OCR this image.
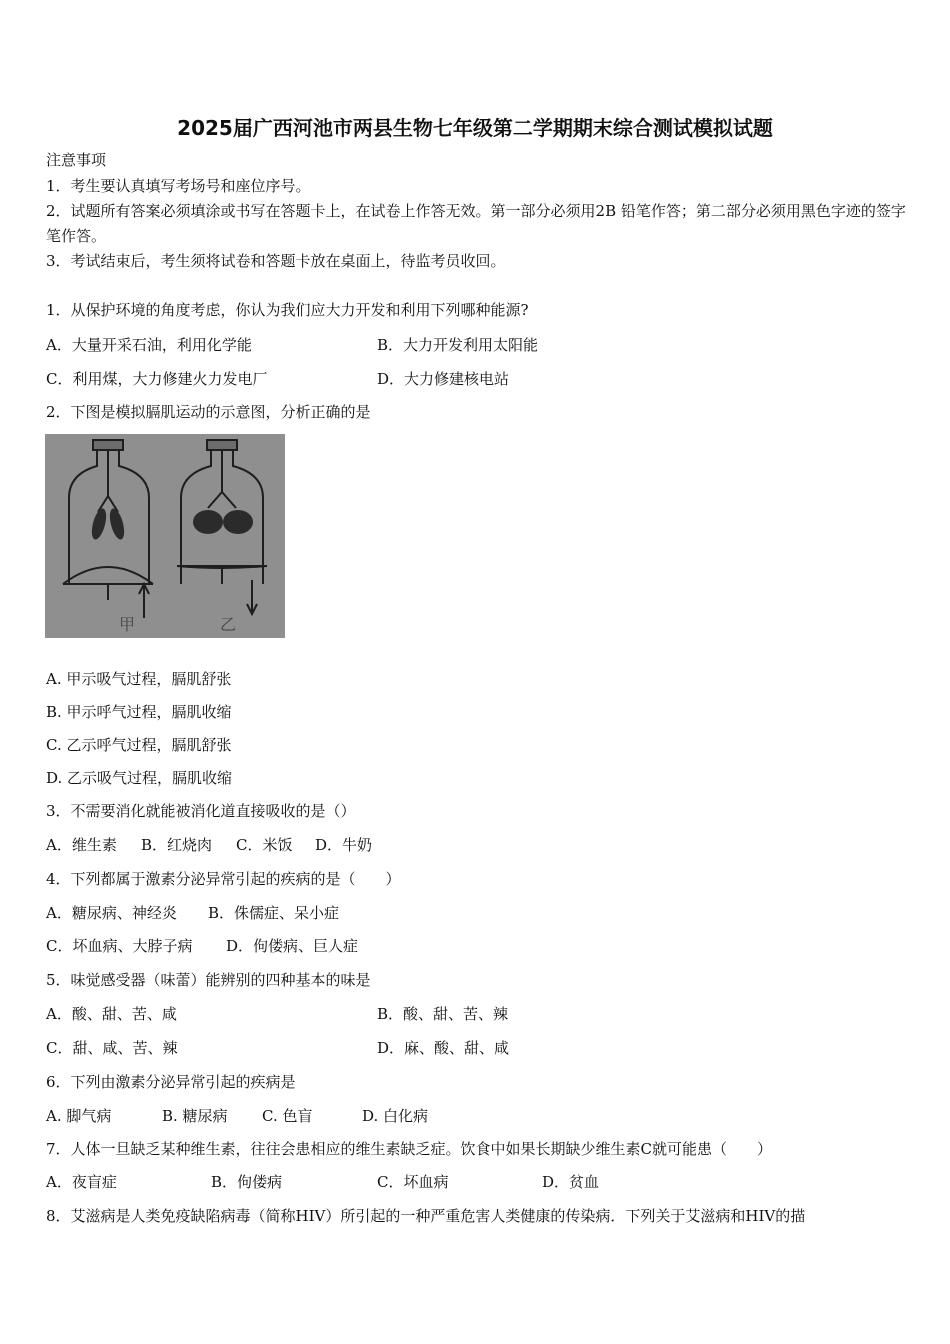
2025届广西河池市两县生物七年级第二学期期末综合测试模拟试题
注意事项
1．考生要认真填写考场号和座位序号。
2．试题所有答案必须填涂或书写在答题卡上，在试卷上作答无效。第一部分必须用2B 铅笔作答；第二部分必须用黑色字迹的签字笔作答。
3．考试结束后，考生须将试卷和答题卡放在桌面上，待监考员收回。
1．从保护环境的角度考虑，你认为我们应大力开发和利用下列哪种能源?
A．大量开采石油，利用化学能	B．大力开发利用太阳能
C．利用煤，大力修建火力发电厂	D．大力修建核电站
2．下图是模拟膈肌运动的示意图，分析正确的是
甲	乙
A. 甲示吸气过程，膈肌舒张
B. 甲示呼气过程，膈肌收缩
C. 乙示呼气过程，膈肌舒张
D. 乙示吸气过程，膈肌收缩
3．不需要消化就能被消化道直接吸收的是（）
A．维生素 B．红烧肉 C．米饭 D．牛奶
4．下列都属于激素分泌异常引起的疾病的是（　　）
A．糖尿病、神经炎 B．侏儒症、呆小症
C．坏血病、大脖子病 D．佝偻病、巨人症
5．味觉感受器（味蕾）能辨别的四种基本的味是
A．酸、甜、苦、咸	B．酸、甜、苦、辣
C．甜、咸、苦、辣	D．麻、酸、甜、咸
6．下列由激素分泌异常引起的疾病是
A. 脚气病	B. 糖尿病 C. 色盲	D. 白化病
7．人体一旦缺乏某种维生素，往往会患相应的维生素缺乏症。饮食中如果长期缺少维生素C就可能患（　　）
A．夜盲症	B．佝偻病	C．坏血病	D．贫血
8．艾滋病是人类免疫缺陷病毒（简称HIV）所引起的一种严重危害人类健康的传染病．下列关于艾滋病和HIV的描
